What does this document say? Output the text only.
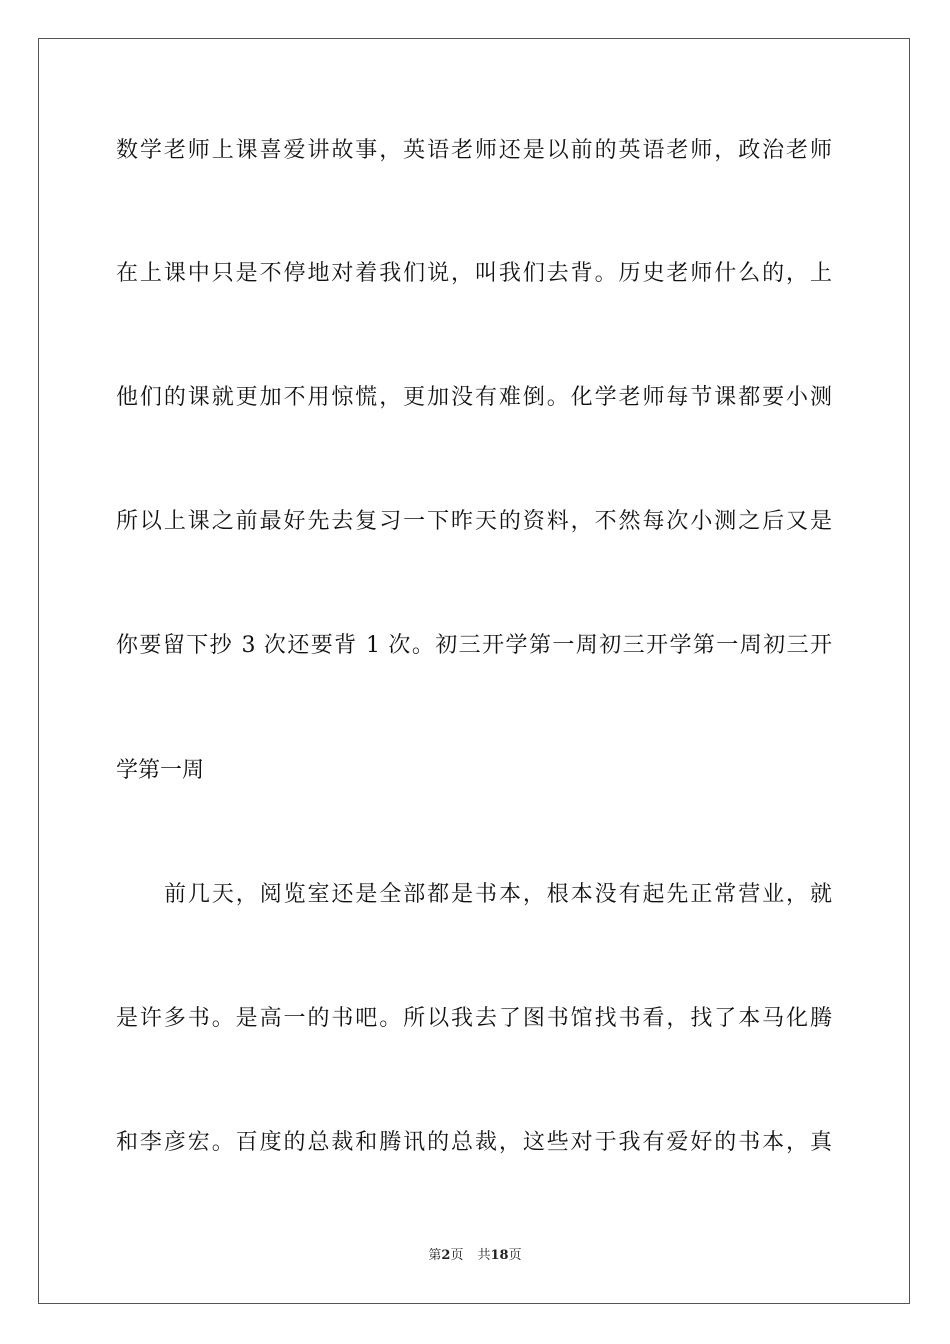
数学老师上课喜爱讲故事，英语老师还是以前的英语老师，政治老师
在上课中只是不停地对着我们说，叫我们去背。历史老师什么的，上
他们的课就更加不用惊慌，更加没有难倒。化学老师每节课都要小测
所以上课之前最好先去复习一下昨天的资料，不然每次小测之后又是
你要留下抄 3 次还要背 1 次。初三开学第一周初三开学第一周初三开
学第一周
前几天，阅览室还是全部都是书本，根本没有起先正常营业，就
是许多书。是高一的书吧。所以我去了图书馆找书看，找了本马化腾
和李彦宏。百度的总裁和腾讯的总裁，这些对于我有爱好的书本，真
第2页 共18页
